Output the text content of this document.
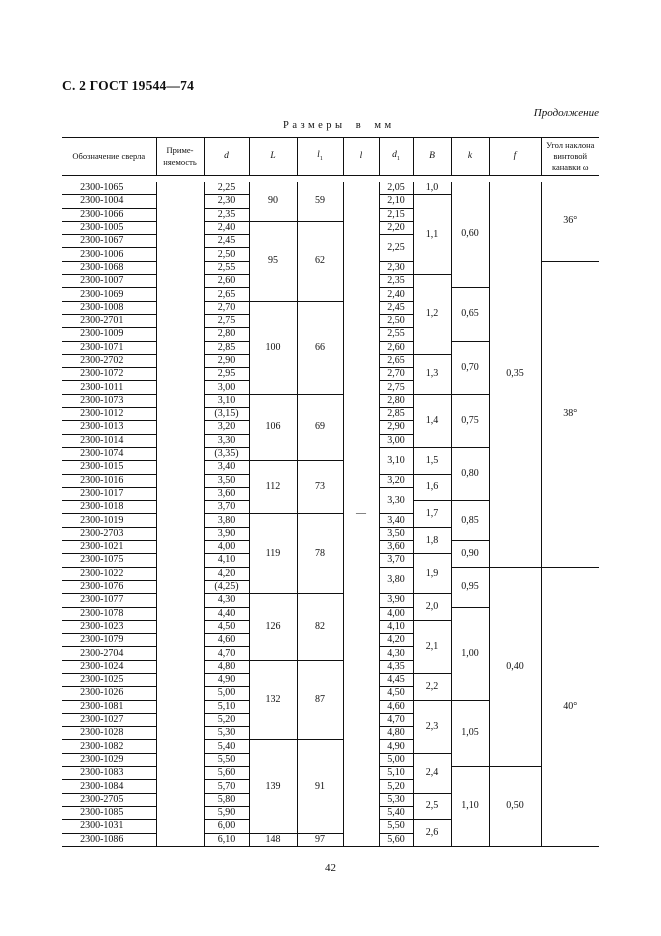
С. 2 ГОСТ 19544—74
Продолжение
Размеры в мм
Обозначение сверла	Приме-няемость	d	L	$l_1$	l	$d_1$	B	k	f	Угол наклона винтовой канавки ω

2300-1065		2,25	90	59	—	2,05	1,0	0,60	0,35	36°
2300-1004		2,30				2,10	1,1			
2300-1066		2,35				2,15				
2300-1005		2,40	95	62		2,20				
2300-1067		2,45				2,25				
2300-1006		2,50								
2300-1068		2,55				2,30				38°
2300-1007		2,60				2,35	1,2			
2300-1069		2,65				2,40		0,65		
2300-1008		2,70	100	66		2,45				
2300-2701		2,75				2,50				
2300-1009		2,80				2,55				
2300-1071		2,85				2,60		0,70		
2300-2702		2,90				2,65	1,3			
2300-1072		2,95				2,70				
2300-1011		3,00				2,75				
2300-1073		3,10	106	69		2,80	1,4	0,75		
2300-1012		(3,15)				2,85				
2300-1013		3,20				2,90				
2300-1014		3,30				3,00				
2300-1074		(3,35)				3,10	1,5	0,80		
2300-1015		3,40	112	73						
2300-1016		3,50				3,20	1,6			
2300-1017		3,60				3,30				
2300-1018		3,70					1,7	0,85		
2300-1019		3,80	119	78		3,40				
2300-2703		3,90				3,50	1,8			
2300-1021		4,00				3,60		0,90		
2300-1075		4,10				3,70	1,9			
2300-1022		4,20				3,80		0,95	0,40	40°
2300-1076		(4,25)								
2300-1077		4,30	126	82		3,90	2,0			
2300-1078		4,40				4,00		1,00		
2300-1023		4,50				4,10	2,1			
2300-1079		4,60				4,20				
2300-2704		4,70				4,30				
2300-1024		4,80	132	87		4,35				
2300-1025		4,90				4,45	2,2			
2300-1026		5,00				4,50				
2300-1081		5,10				4,60	2,3	1,05		
2300-1027		5,20				4,70				
2300-1028		5,30				4,80				
2300-1082		5,40	139	91		4,90				
2300-1029		5,50				5,00	2,4			
2300-1083		5,60				5,10		1,10	0,50	
2300-1084		5,70				5,20				
2300-2705		5,80				5,30	2,5			
2300-1085		5,90				5,40				
2300-1031		6,00				5,50	2,6			
2300-1086		6,10	148	97		5,60				
42
